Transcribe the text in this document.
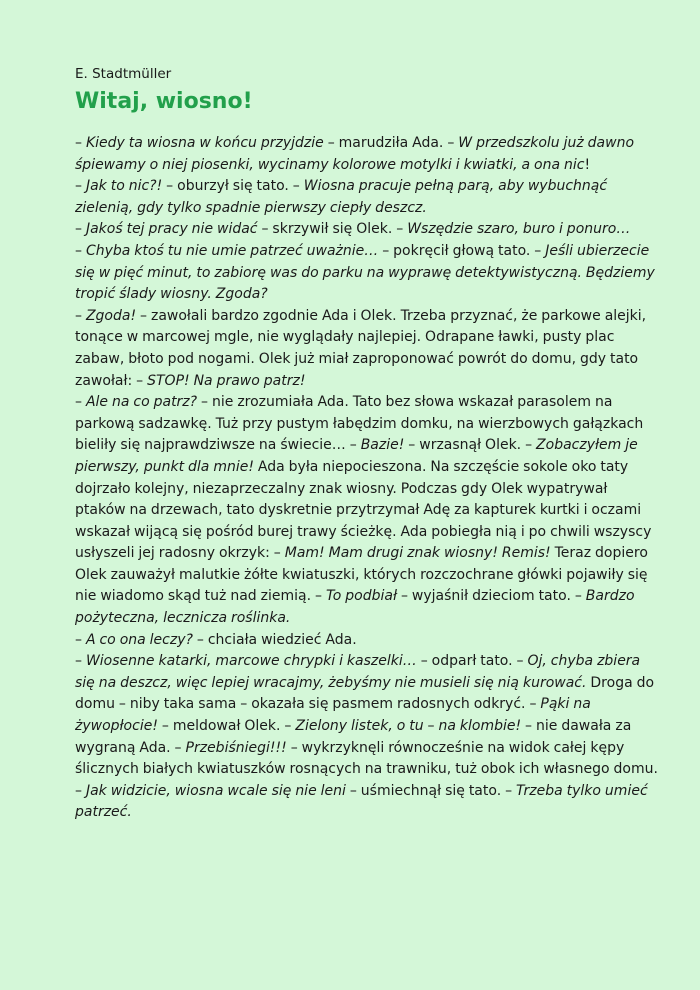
E. Stadtmüller

Witaj, wiosno!

– Kiedy ta wiosna w końcu przyjdzie – marudziła Ada. – W przedszkolu już dawno śpiewamy o niej piosenki, wycinamy kolorowe motylki i kwiatki, a ona nic!

– Jak to nic?! – oburzył się tato. – Wiosna pracuje pełną parą, aby wybuchnąć zielenią, gdy tylko spadnie pierwszy ciepły deszcz.

– Jakoś tej pracy nie widać – skrzywił się Olek. – Wszędzie szaro, buro i ponuro…

– Chyba ktoś tu nie umie patrzeć uważnie… – pokręcił głową tato. – Jeśli ubierzecie się w pięć minut, to zabiorę was do parku na wyprawę detektywistyczną. Będziemy tropić ślady wiosny. Zgoda?

– Zgoda! – zawołali bardzo zgodnie Ada i Olek. Trzeba przyznać, że parkowe alejki, tonące w marcowej mgle, nie wyglądały najlepiej. Odrapane ławki, pusty plac zabaw, błoto pod nogami. Olek już miał zaproponować powrót do domu, gdy tato zawołał: – STOP! Na prawo patrz!

– Ale na co patrz? – nie zrozumiała Ada. Tato bez słowa wskazał parasolem na parkową sadzawkę. Tuż przy pustym łabędzim domku, na wierzbowych gałązkach bieliły się najprawdziwsze na świecie… – Bazie! – wrzasnął Olek. – Zobaczyłem je pierwszy, punkt dla mnie! Ada była niepocieszona. Na szczęście sokole oko taty dojrzało kolejny, niezaprzeczalny znak wiosny. Podczas gdy Olek wypatrywał ptaków na drzewach, tato dyskretnie przytrzymał Adę za kapturek kurtki i oczami wskazał wijącą się pośród burej trawy ścieżkę. Ada pobiegła nią i po chwili wszyscy usłyszeli jej radosny okrzyk: – Mam! Mam drugi znak wiosny! Remis! Teraz dopiero Olek zauważył malutkie żółte kwiatuszki, których rozczochrane główki pojawiły się nie wiadomo skąd tuż nad ziemią. – To podbiał – wyjaśnił dzieciom tato. – Bardzo pożyteczna, lecznicza roślinka.

– A co ona leczy? – chciała wiedzieć Ada.

– Wiosenne katarki, marcowe chrypki i kaszelki… – odparł tato. – Oj, chyba zbiera się na deszcz, więc lepiej wracajmy, żebyśmy nie musieli się nią kurować. Droga do domu – niby taka sama – okazała się pasmem radosnych odkryć. – Pąki na żywopłocie! – meldował Olek. – Zielony listek, o tu – na klombie! – nie dawała za wygraną Ada. – Przebiśniegi!!! – wykrzyknęli równocześnie na widok całej kępy ślicznych białych kwiatuszków rosnących na trawniku, tuż obok ich własnego domu.

– Jak widzicie, wiosna wcale się nie leni – uśmiechnął się tato. – Trzeba tylko umieć patrzeć.
